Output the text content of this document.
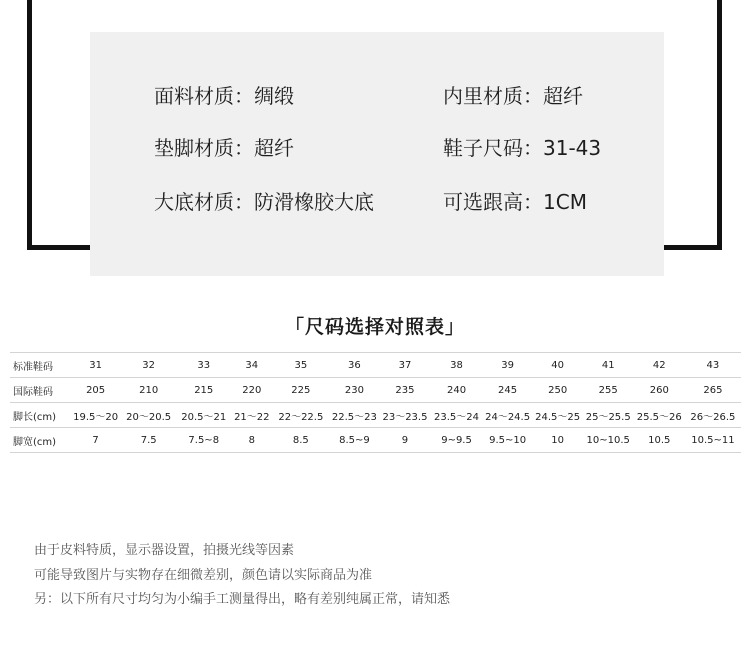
面料材质：绸缎	内里材质：超纤
垫脚材质：超纤	鞋子尺码：31-43
大底材质：防滑橡胶大底	可选跟高：1CM
「尺码选择对照表」
标准鞋码	31	32	33	34	35	36	37	38	39	40	41	42	43
国际鞋码	205	210	215	220	225	230	235	240	245	250	255	260	265
脚长(cm)	19.5～20	20～20.5	20.5～21	21～22	22～22.5	22.5～23	23～23.5	23.5～24	24～24.5	24.5～25	25～25.5	25.5～26	26～26.5
脚宽(cm)	7	7.5	7.5~8	8	8.5	8.5~9	9	9~9.5	9.5~10	10	10~10.5	10.5	10.5~11
由于皮料特质，显示器设置，拍摄光线等因素
可能导致图片与实物存在细微差别，颜色请以实际商品为准
另：以下所有尺寸均匀为小编手工测量得出，略有差别纯属正常，请知悉
